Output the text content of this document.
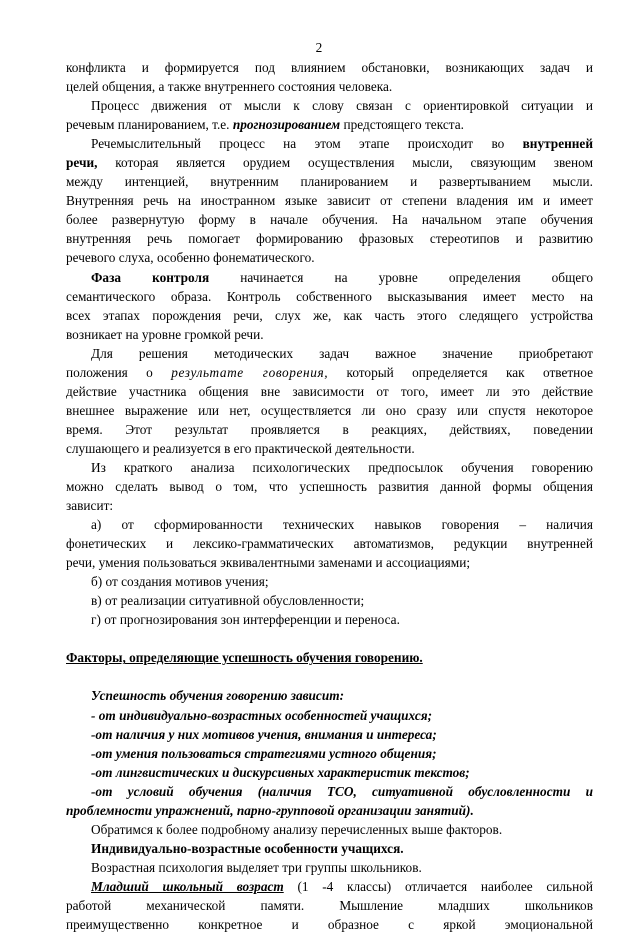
2
конфликта и формируется под влиянием обстановки, возникающих задач и
целей общения, а также внутреннего состояния человека.
Процесс движения от мысли к слову связан с ориентировкой ситуации и
речевым планированием, т.е. прогнозированием предстоящего текста.
Речемыслительный процесс на этом этапе происходит во внутренней
речи, которая является орудием осуществления мысли, связующим звеном
между интенцией, внутренним планированием и развертыванием мысли.
Внутренняя речь на иностранном языке зависит от степени владения им и имеет
более развернутую форму в начале обучения. На начальном этапе обучения
внутренняя речь помогает формированию фразовых стереотипов и развитию
речевого слуха, особенно фонематического.
Фаза контроля начинается на уровне определения общего
семантического образа. Контроль собственного высказывания имеет место на
всех этапах порождения речи, слух же, как часть этого следящего устройства
возникает на уровне громкой речи.
Для решения методических задач важное значение приобретают
положения о результате говорения, который определяется как ответное
действие участника общения вне зависимости от того, имеет ли это действие
внешнее выражение или нет, осуществляется ли оно сразу или спустя некоторое
время. Этот результат проявляется в реакциях, действиях, поведении
слушающего и реализуется в его практической деятельности.
Из краткого анализа психологических предпосылок обучения говорению
можно сделать вывод о том, что успешность развития данной формы общения
зависит:
а) от сформированности технических навыков говорения – наличия
фонетических и лексико-грамматических автоматизмов, редукции внутренней
речи, умения пользоваться эквивалентными заменами и ассоциациями;
б) от создания мотивов учения;
в) от реализации ситуативной обусловленности;
г) от прогнозирования зон интерференции и переноса.
Факторы, определяющие успешность обучения говорению.
Успешность обучения говорению зависит:
- от индивидуально-возрастных особенностей учащихся;
-от наличия у них мотивов учения, внимания и интереса;
-от умения пользоваться стратегиями устного общения;
-от лингвистических и дискурсивных характеристик текстов;
-от условий обучения (наличия ТСО, ситуативной обусловленности и
проблемности упражнений, парно-групповой организации занятий).
Обратимся к более подробному анализу перечисленных выше факторов.
Индивидуально-возрастные особенности учащихся.
Возрастная психология выделяет три группы школьников.
Младший школьный возраст (1 -4 классы) отличается наиболее сильной
работой механической памяти. Мышление младших школьников
преимущественно конкретное и образное с яркой эмоциональной
